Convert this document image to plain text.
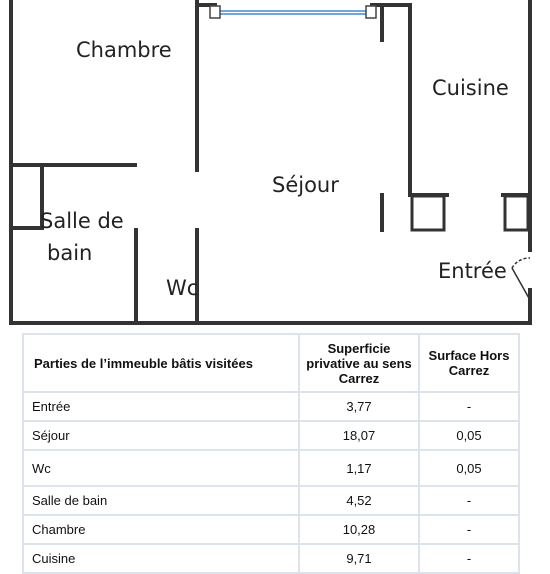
Chambre
Cuisine
Séjour
Salle de
bain
Entrée
Wc
Parties de l’immeuble bâtis visitées	Superficie privative au sens Carrez	Surface Hors Carrez
Entrée	3,77	-
Séjour	18,07	0,05
Wc	1,17	0,05
Salle de bain	4,52	-
Chambre	10,28	-
Cuisine	9,71	-
